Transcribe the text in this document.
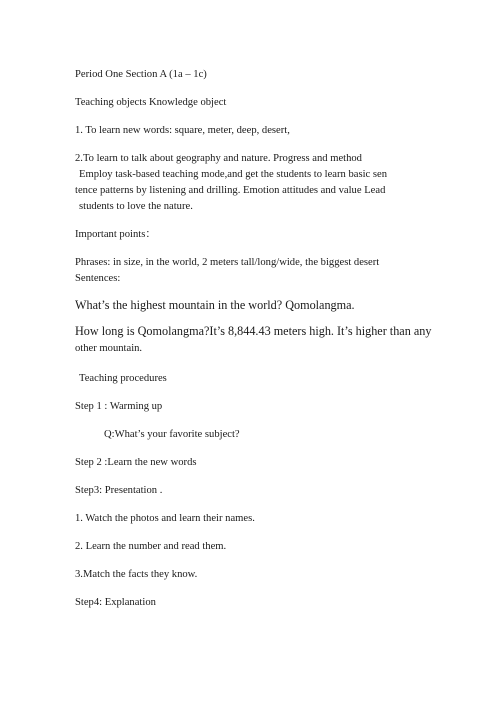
Period One Section A (1a – 1c)
Teaching objects Knowledge object
1. To learn new words: square, meter, deep, desert,
2.To learn to talk about geography and nature. Progress and method
Employ task-based teaching mode,and get the students to learn basic sen
tence patterns by listening and drilling. Emotion attitudes and value Lead
students to love the nature.
Important points：
Phrases: in size, in the world, 2 meters tall/long/wide, the biggest desert
Sentences:
What’s the highest mountain in the world? Qomolangma.
How long is Qomolangma?It’s 8,844.43 meters high. It’s higher than any
other mountain.
Teaching procedures
Step 1 : Warming up
Q:What’s your favorite subject?
Step 2 :Learn the new words
Step3: Presentation .
1. Watch the photos and learn their names.
2. Learn the number and read them.
3.Match the facts they know.
Step4: Explanation
